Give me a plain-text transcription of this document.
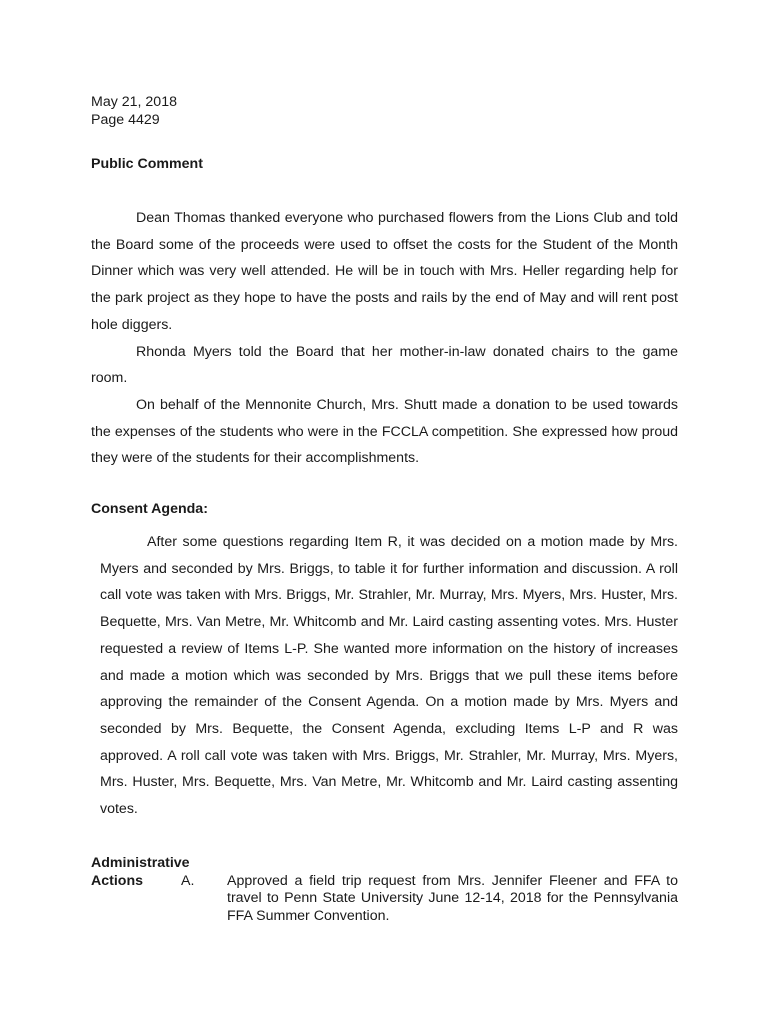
May 21, 2018
Page 4429
Public Comment

Dean Thomas thanked everyone who purchased flowers from the Lions Club and told the Board some of the proceeds were used to offset the costs for the Student of the Month Dinner which was very well attended. He will be in touch with Mrs. Heller regarding help for the park project as they hope to have the posts and rails by the end of May and will rent post hole diggers.

Rhonda Myers told the Board that her mother-in-law donated chairs to the game room.

On behalf of the Mennonite Church, Mrs. Shutt made a donation to be used towards the expenses of the students who were in the FCCLA competition. She expressed how proud they were of the students for their accomplishments.

Consent Agenda:

After some questions regarding Item R, it was decided on a motion made by Mrs. Myers and seconded by Mrs. Briggs, to table it for further information and discussion. A roll call vote was taken with Mrs. Briggs, Mr. Strahler, Mr. Murray, Mrs. Myers, Mrs. Huster, Mrs. Bequette, Mrs. Van Metre, Mr. Whitcomb and Mr. Laird casting assenting votes. Mrs. Huster requested a review of Items L-P. She wanted more information on the history of increases and made a motion which was seconded by Mrs. Briggs that we pull these items before approving the remainder of the Consent Agenda. On a motion made by Mrs. Myers and seconded by Mrs. Bequette, the Consent Agenda, excluding Items L-P and R was approved. A roll call vote was taken with Mrs. Briggs, Mr. Strahler, Mr. Murray, Mrs. Myers, Mrs. Huster, Mrs. Bequette, Mrs. Van Metre, Mr. Whitcomb and Mr. Laird casting assenting votes.

Administrative
Actions	A.	Approved a field trip request from Mrs. Jennifer Fleener and FFA to travel to Penn State University June 12-14, 2018 for the Pennsylvania FFA Summer Convention.
